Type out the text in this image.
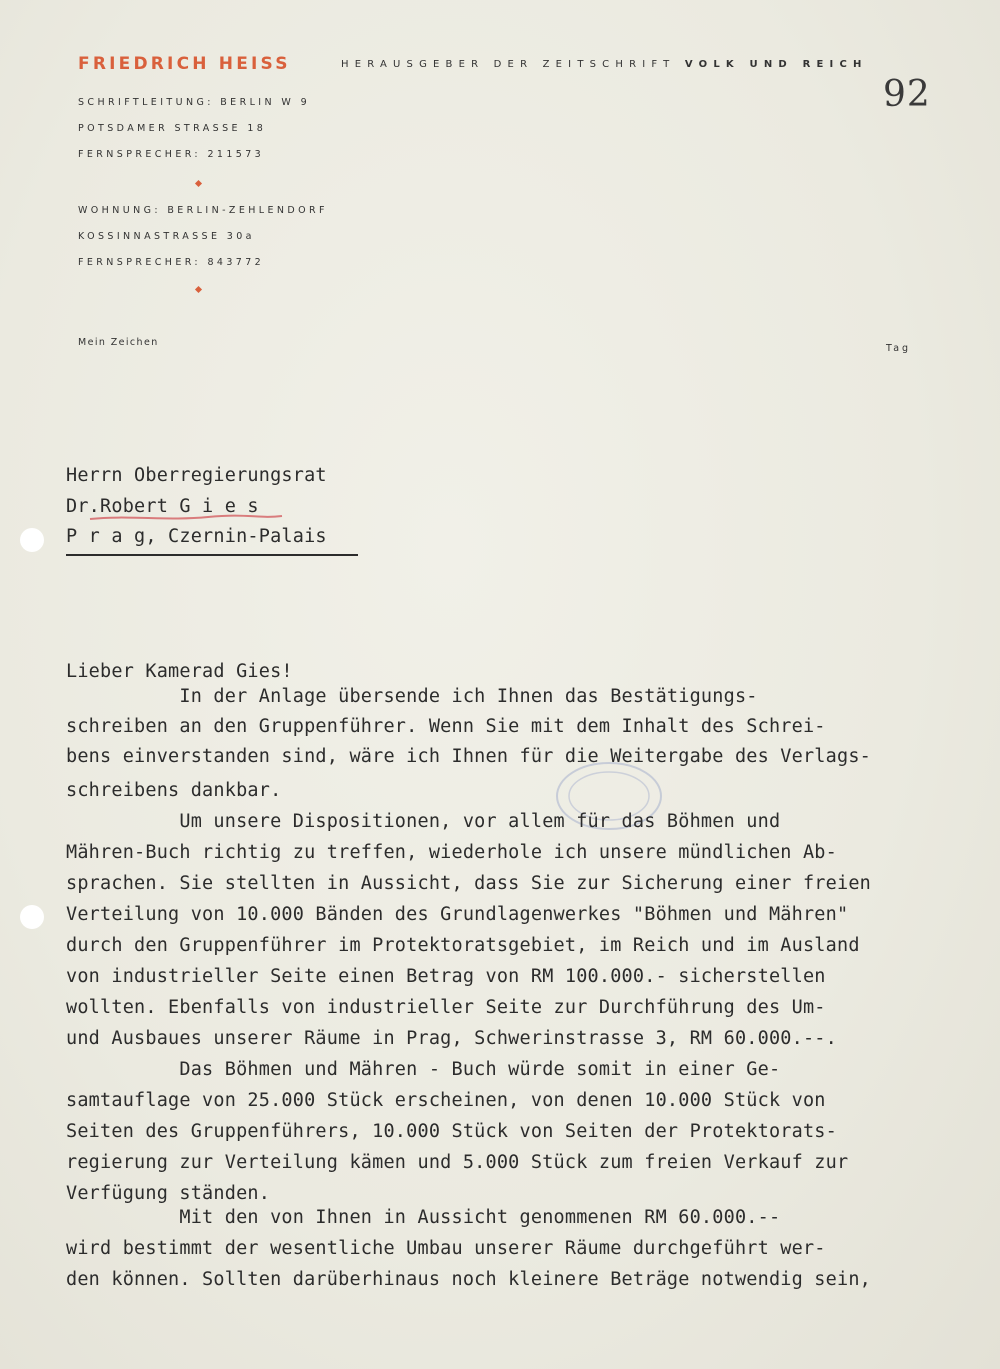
FRIEDRICH HEISS	HERAUSGEBER DER ZEITSCHRIFT VOLK UND REICH
92
SCHRIFTLEITUNG: BERLIN W 9
POTSDAMER STRASSE 18
FERNSPRECHER: 211573
WOHNUNG: BERLIN-ZEHLENDORF
KOSSINNASTRASSE 30a
FERNSPRECHER: 843772
Mein Zeichen
Tag
Herrn Oberregierungsrat
Dr.Robert G i e s
P r a g, Czernin-Palais
Lieber Kamerad Gies!
In der Anlage übersende ich Ihnen das Bestätigungs-
schreiben an den Gruppenführer. Wenn Sie mit dem Inhalt des Schrei-
bens einverstanden sind, wäre ich Ihnen für die Weitergabe des Verlags-
schreibens dankbar.
Um unsere Dispositionen, vor allem für das Böhmen und
Mähren-Buch richtig zu treffen, wiederhole ich unsere mündlichen Ab-
sprachen. Sie stellten in Aussicht, dass Sie zur Sicherung einer freien
Verteilung von 10.000 Bänden des Grundlagenwerkes "Böhmen und Mähren"
durch den Gruppenführer im Protektoratsgebiet, im Reich und im Ausland
von industrieller Seite einen Betrag von RM 100.000.- sicherstellen
wollten. Ebenfalls von industrieller Seite zur Durchführung des Um-
und Ausbaues unserer Räume in Prag, Schwerinstrasse 3, RM 60.000.--.
Das Böhmen und Mähren - Buch würde somit in einer Ge-
samtauflage von 25.000 Stück erscheinen, von denen 10.000 Stück von
Seiten des Gruppenführers, 10.000 Stück von Seiten der Protektorats-
regierung zur Verteilung kämen und 5.000 Stück zum freien Verkauf zur
Verfügung ständen.
Mit den von Ihnen in Aussicht genommenen RM 60.000.--
wird bestimmt der wesentliche Umbau unserer Räume durchgeführt wer-
den können. Sollten darüberhinaus noch kleinere Beträge notwendig sein,
